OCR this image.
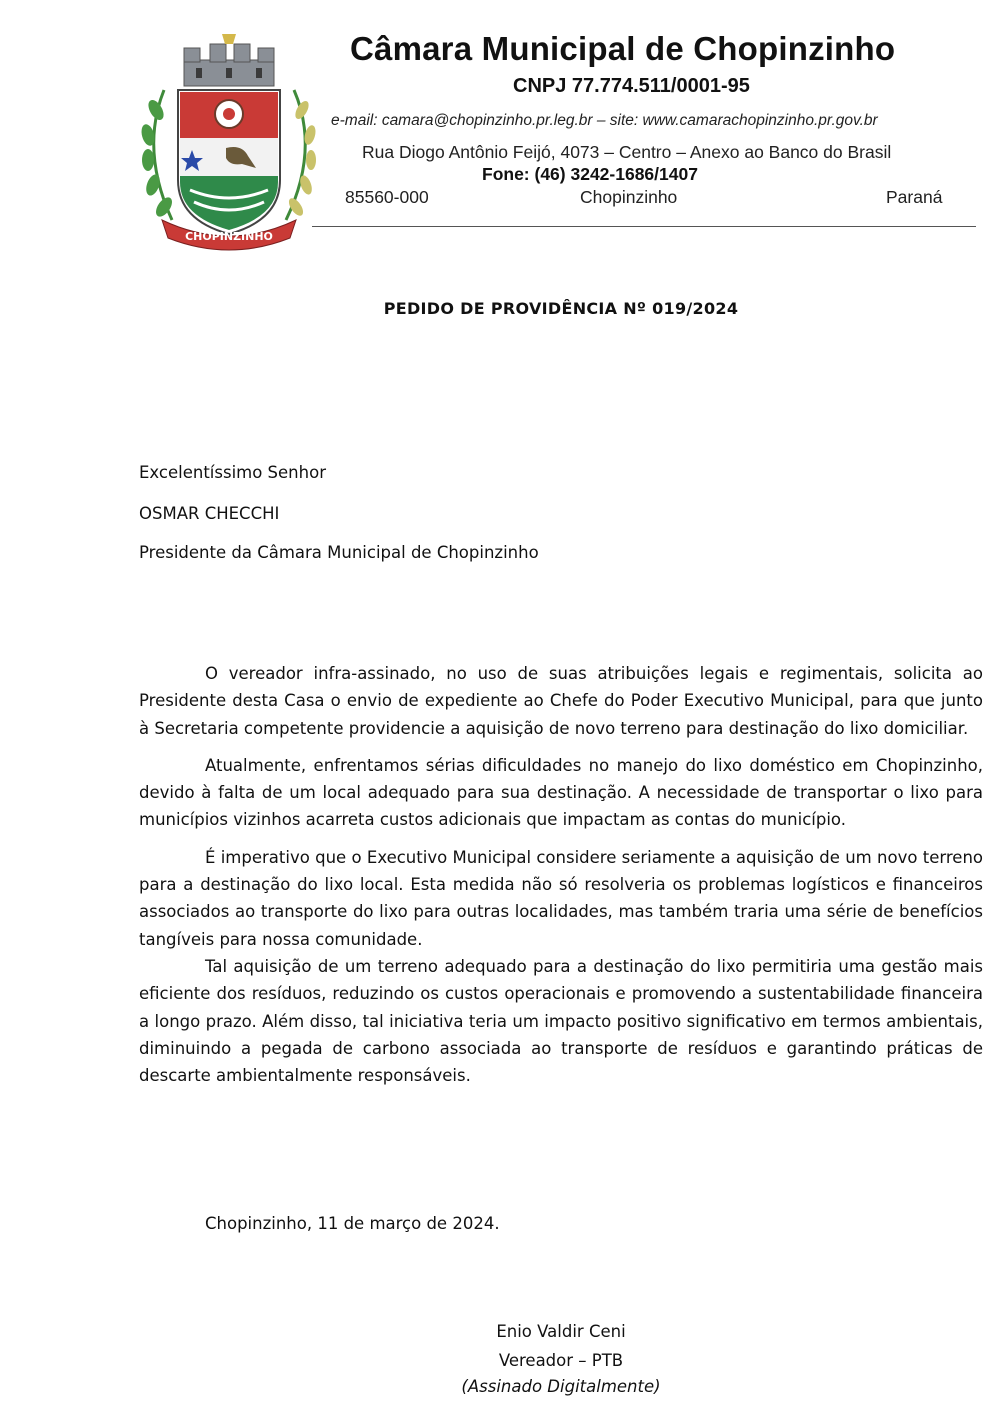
CHOPINZINHO
Câmara Municipal de Chopinzinho
CNPJ 77.774.511/0001-95
e-mail: camara@chopinzinho.pr.leg.br – site: www.camarachopinzinho.pr.gov.br
Rua Diogo Antônio Feijó, 4073 – Centro – Anexo ao Banco do Brasil
Fone: (46) 3242-1686/1407
85560-000	Chopinzinho	Paraná
PEDIDO DE PROVIDÊNCIA Nº 019/2024
Excelentíssimo Senhor
OSMAR CHECCHI
Presidente da Câmara Municipal de Chopinzinho

O vereador infra-assinado, no uso de suas atribuições legais e regimentais, solicita ao Presidente desta Casa o envio de expediente ao Chefe do Poder Executivo Municipal, para que junto à Secretaria competente providencie a aquisição de novo terreno para destinação do lixo domiciliar.

Atualmente, enfrentamos sérias dificuldades no manejo do lixo doméstico em Chopinzinho, devido à falta de um local adequado para sua destinação. A necessidade de transportar o lixo para municípios vizinhos acarreta custos adicionais que impactam as contas do município.

É imperativo que o Executivo Municipal considere seriamente a aquisição de um novo terreno para a destinação do lixo local. Esta medida não só resolveria os problemas logísticos e financeiros associados ao transporte do lixo para outras localidades, mas também traria uma série de benefícios tangíveis para nossa comunidade.

Tal aquisição de um terreno adequado para a destinação do lixo permitiria uma gestão mais eficiente dos resíduos, reduzindo os custos operacionais e promovendo a sustentabilidade financeira a longo prazo. Além disso, tal iniciativa teria um impacto positivo significativo em termos ambientais, diminuindo a pegada de carbono associada ao transporte de resíduos e garantindo práticas de descarte ambientalmente responsáveis.

Chopinzinho, 11 de março de 2024.
Enio Valdir Ceni
Vereador – PTB
(Assinado Digitalmente)
